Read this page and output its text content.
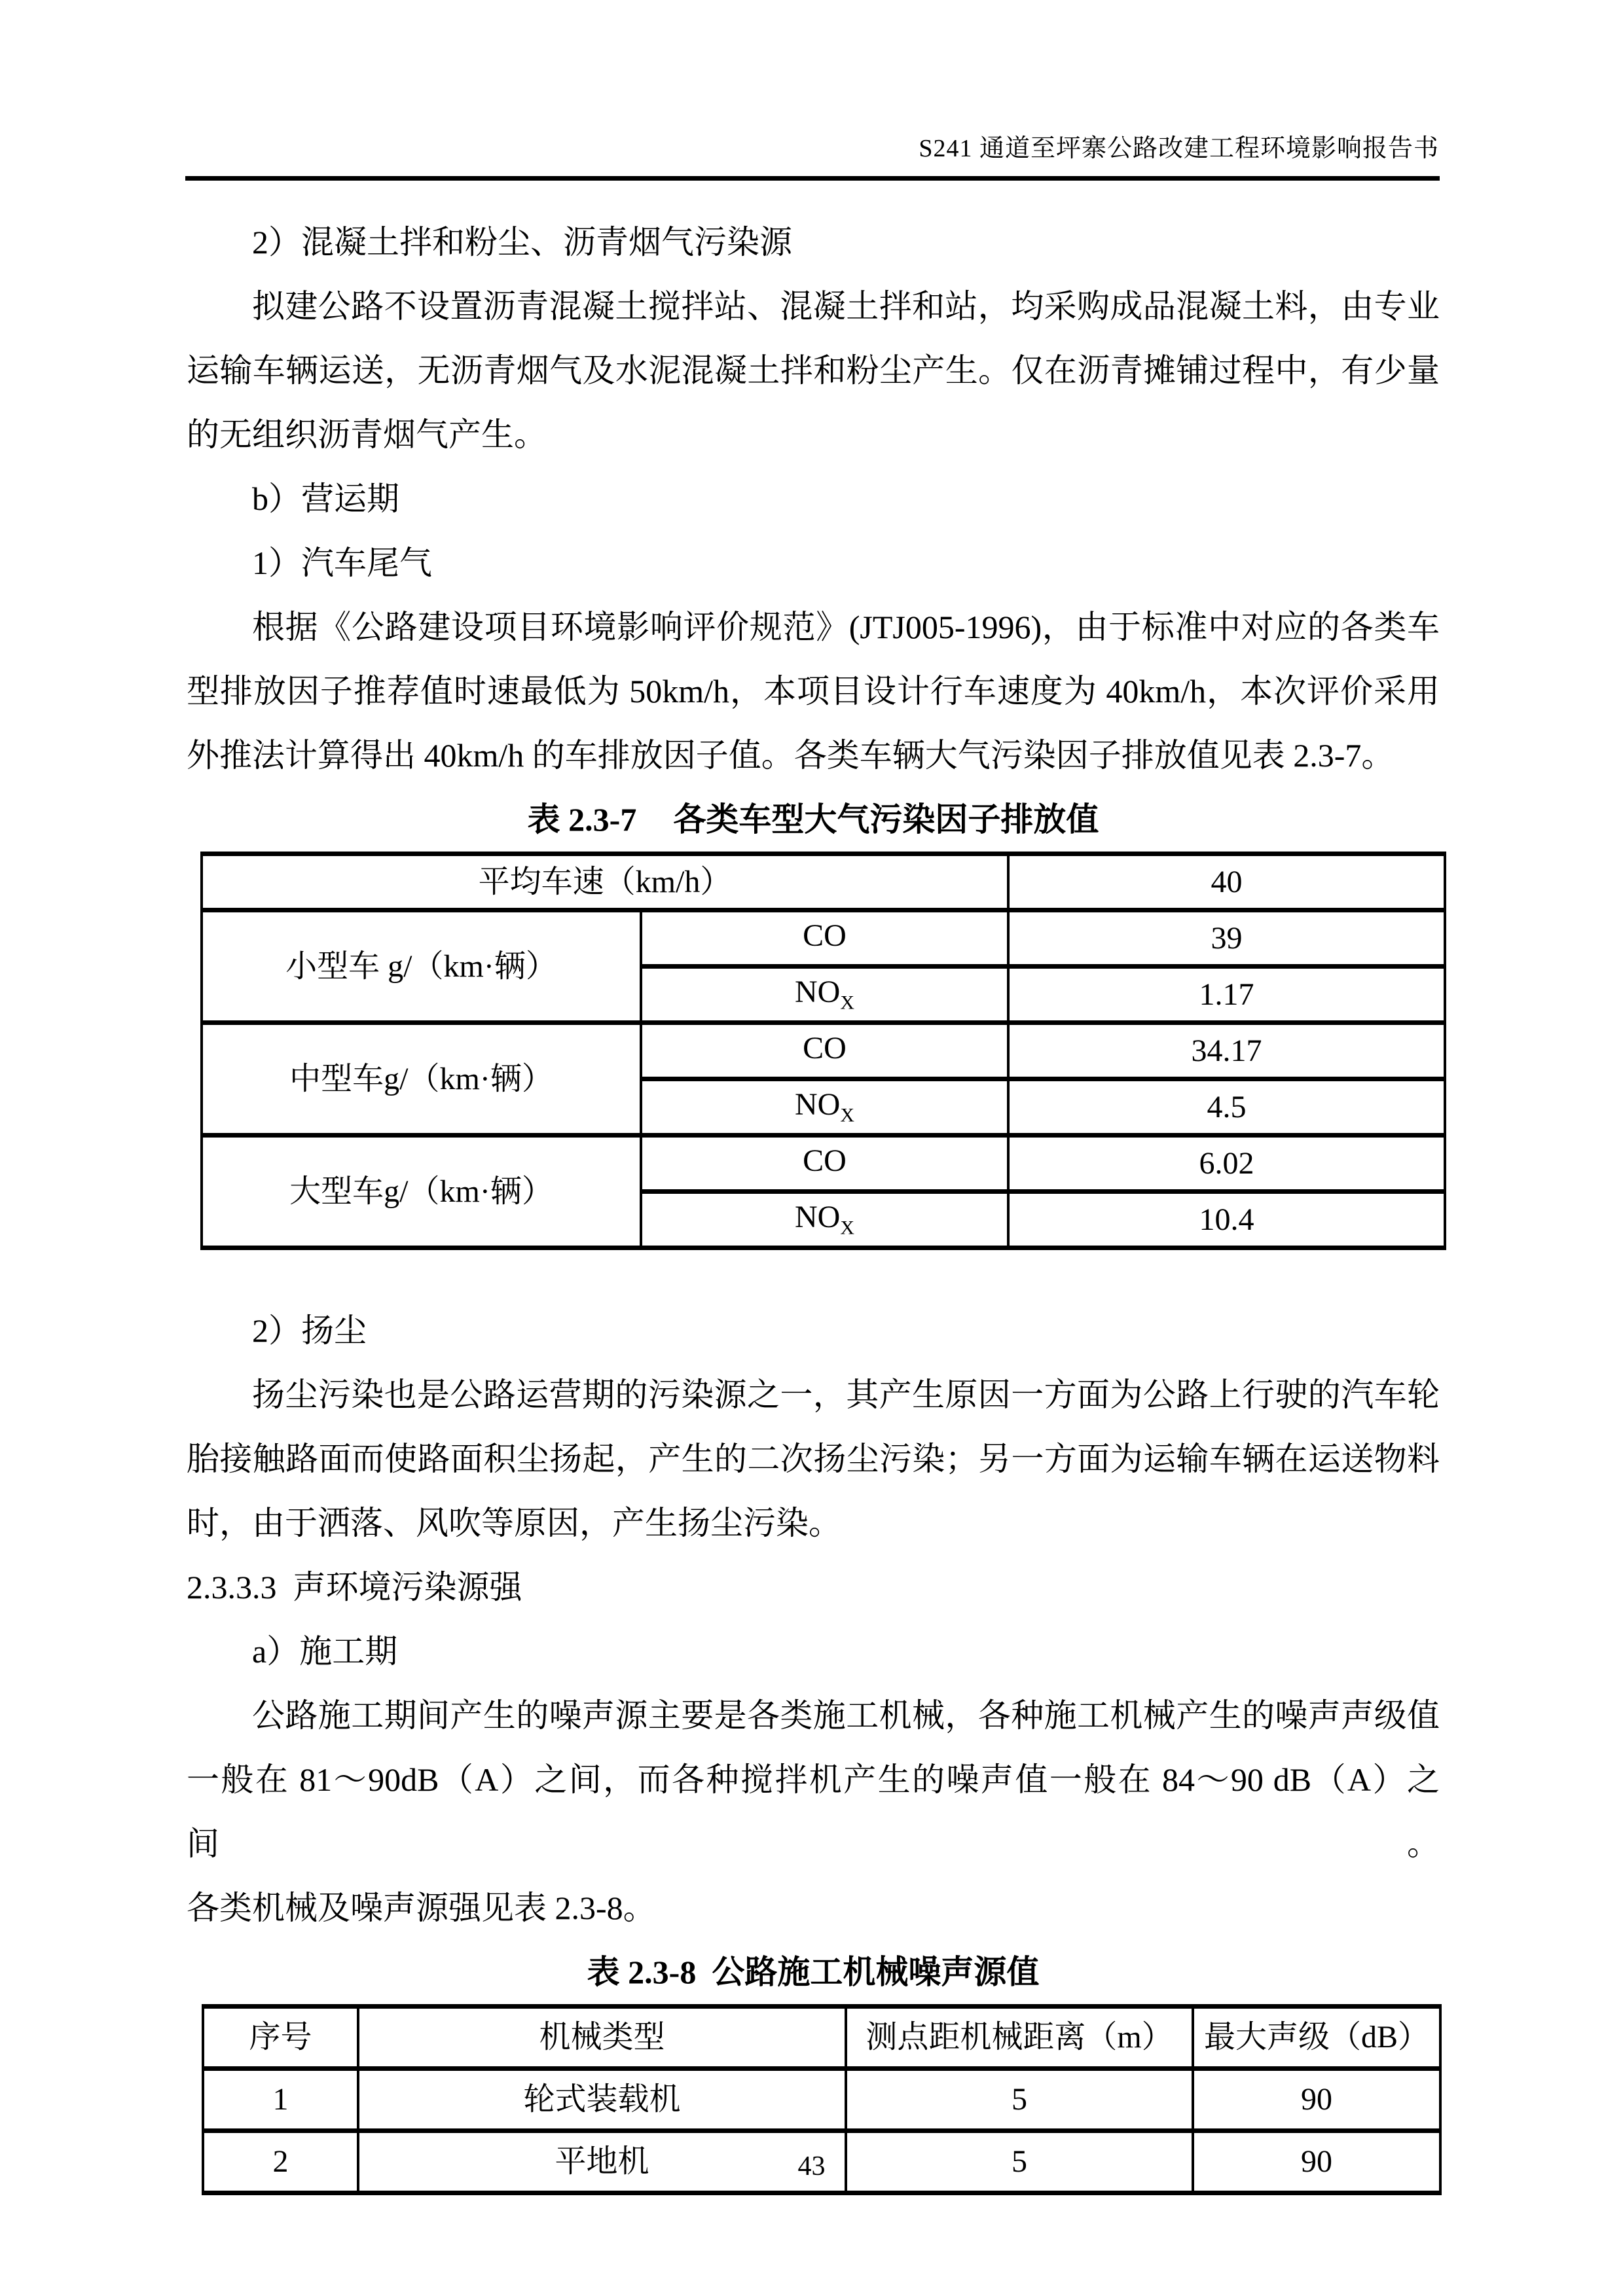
S241 通道至坪寨公路改建工程环境影响报告书

2）混凝土拌和粉尘、沥青烟气污染源

拟建公路不设置沥青混凝土搅拌站、混凝土拌和站，均采购成品混凝土料，由专业

运输车辆运送，无沥青烟气及水泥混凝土拌和粉尘产生。仅在沥青摊铺过程中，有少量

的无组织沥青烟气产生。

b）营运期

1）汽车尾气

根据《公路建设项目环境影响评价规范》(JTJ005-1996)，由于标准中对应的各类车

型排放因子推荐值时速最低为 50km/h，本项目设计行车速度为 40km/h，本次评价采用

外推法计算得出 40km/h 的车排放因子值。各类车辆大气污染因子排放值见表 2.3-7。

表 2.3-7 各类车型大气污染因子排放值
平均车速（km/h）		40
小型车 g/（km·辆）	CO	39
	$NO_X$	1.17
中型车g/（km·辆）	CO	34.17
	$NO_X$	4.5
大型车g/（km·辆）	CO	6.02
	$NO_X$	10.4

2）扬尘

扬尘污染也是公路运营期的污染源之一，其产生原因一方面为公路上行驶的汽车轮

胎接触路面而使路面积尘扬起，产生的二次扬尘污染；另一方面为运输车辆在运送物料

时，由于洒落、风吹等原因，产生扬尘污染。

2.3.3.3  声环境污染源强

a）施工期

公路施工期间产生的噪声源主要是各类施工机械，各种施工机械产生的噪声声级值

一般在 81～90dB（A）之间，而各种搅拌机产生的噪声值一般在 84～90 dB（A）之间。

各类机械及噪声源强见表 2.3-8。

表 2.3-8 公路施工机械噪声源值
序号	机械类型	测点距机械距离（m）	最大声级（dB）
1	轮式装载机	5	90
2	平地机	5	90
43
